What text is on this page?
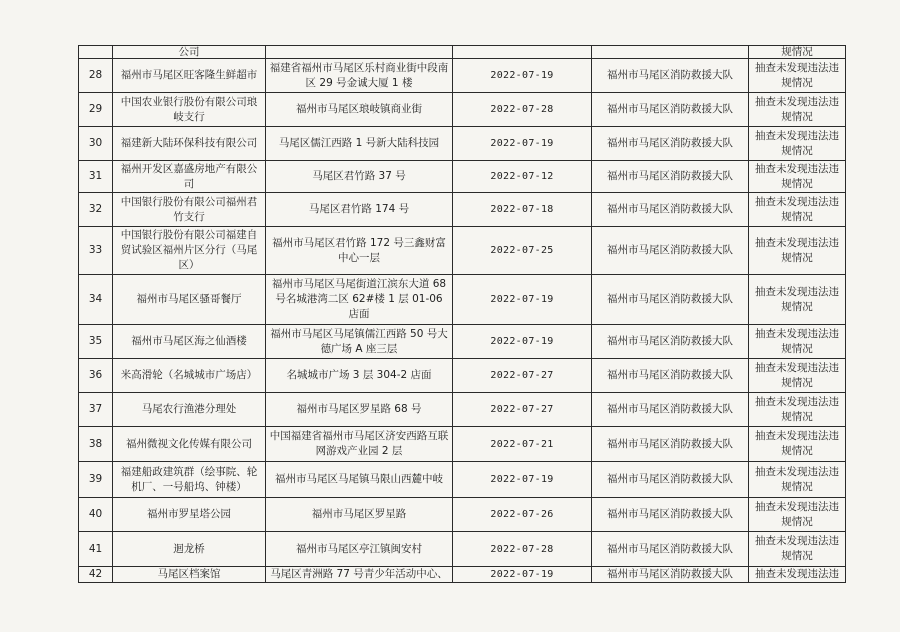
	公司				规情况
28	福州市马尾区旺客隆生鲜超市	福建省福州市马尾区乐村商业街中段南区 29 号金诚大厦 1 楼	2022-07-19	福州市马尾区消防救援大队	抽查未发现违法违规情况
29	中国农业银行股份有限公司琅岐支行	福州市马尾区琅岐镇商业街	2022-07-28	福州市马尾区消防救援大队	抽查未发现违法违规情况
30	福建新大陆环保科技有限公司	马尾区儒江西路 1 号新大陆科技园	2022-07-19	福州市马尾区消防救援大队	抽查未发现违法违规情况
31	福州开发区嘉盛房地产有限公司	马尾区君竹路 37 号	2022-07-12	福州市马尾区消防救援大队	抽查未发现违法违规情况
32	中国银行股份有限公司福州君竹支行	马尾区君竹路 174 号	2022-07-18	福州市马尾区消防救援大队	抽查未发现违法违规情况
33	中国银行股份有限公司福建自贸试验区福州片区分行（马尾区）	福州市马尾区君竹路 172 号三鑫财富中心一层	2022-07-25	福州市马尾区消防救援大队	抽查未发现违法违规情况
34	福州市马尾区骚哥餐厅	福州市马尾区马尾街道江滨东大道 68 号名城港湾二区 62#楼 1 层 01-06 店面	2022-07-19	福州市马尾区消防救援大队	抽查未发现违法违规情况
35	福州市马尾区海之仙酒楼	福州市马尾区马尾镇儒江西路 50 号大德广场 A 座三层	2022-07-19	福州市马尾区消防救援大队	抽查未发现违法违规情况
36	米高滑轮（名城城市广场店）	名城城市广场 3 层 304-2 店面	2022-07-27	福州市马尾区消防救援大队	抽查未发现违法违规情况
37	马尾农行渔港分理处	福州市马尾区罗星路 68 号	2022-07-27	福州市马尾区消防救援大队	抽查未发现违法违规情况
38	福州微视文化传媒有限公司	中国福建省福州市马尾区济安西路互联网游戏产业园 2 层	2022-07-21	福州市马尾区消防救援大队	抽查未发现违法违规情况
39	福建船政建筑群（绘事院、轮机厂、一号船坞、钟楼）	福州市马尾区马尾镇马限山西麓中岐	2022-07-19	福州市马尾区消防救援大队	抽查未发现违法违规情况
40	福州市罗星塔公园	福州市马尾区罗星路	2022-07-26	福州市马尾区消防救援大队	抽查未发现违法违规情况
41	迴龙桥	福州市马尾区亭江镇闽安村	2022-07-28	福州市马尾区消防救援大队	抽查未发现违法违规情况
42	马尾区档案馆	马尾区青洲路 77 号青少年活动中心、	2022-07-19	福州市马尾区消防救援大队	抽查未发现违法违
